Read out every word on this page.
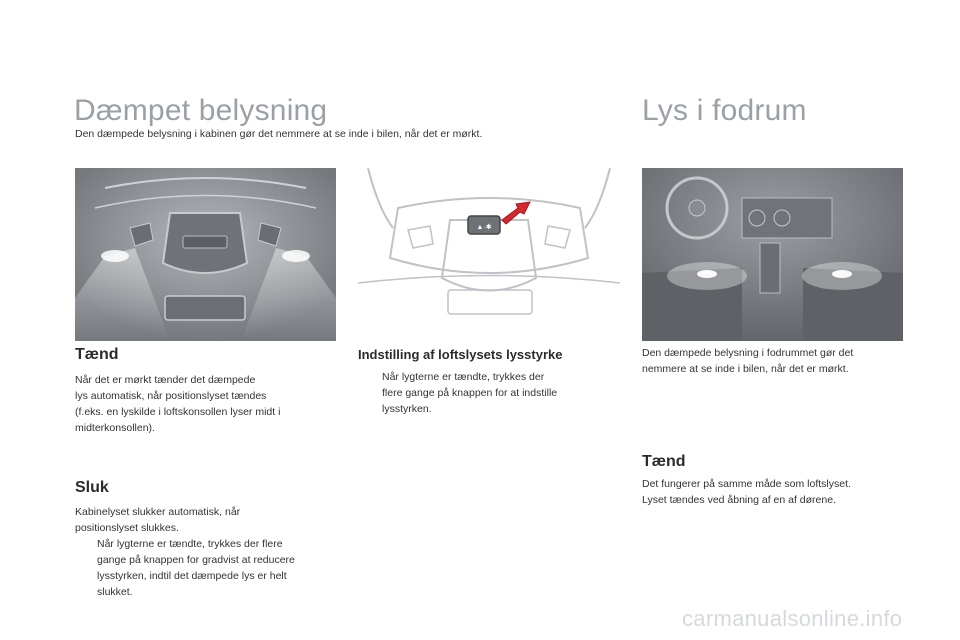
Dæmpet belysning
Den dæmpede belysning i kabinen gør det nemmere at se inde i bilen, når det er mørkt.
Lys i fodrum
▲·✱
Tænd
Når det er mørkt tænder det dæmpede
lys automatisk, når positionslyset tændes
(f.eks. en lyskilde i loftskonsollen lyser midt i
midterkonsollen).
Sluk
Kabinelyset slukker automatisk, når
positionslyset slukkes.
Når lygterne er tændte, trykkes der flere
gange på knappen for gradvist at reducere
lysstyrken, indtil det dæmpede lys er helt
slukket.
Indstilling af loftslysets lysstyrke
Når lygterne er tændte, trykkes der
flere gange på knappen for at indstille
lysstyrken.
Den dæmpede belysning i fodrummet gør det
nemmere at se inde i bilen, når det er mørkt.
Tænd
Det fungerer på samme måde som loftslyset.
Lyset tændes ved åbning af en af dørene.
carmanualsonline.info
